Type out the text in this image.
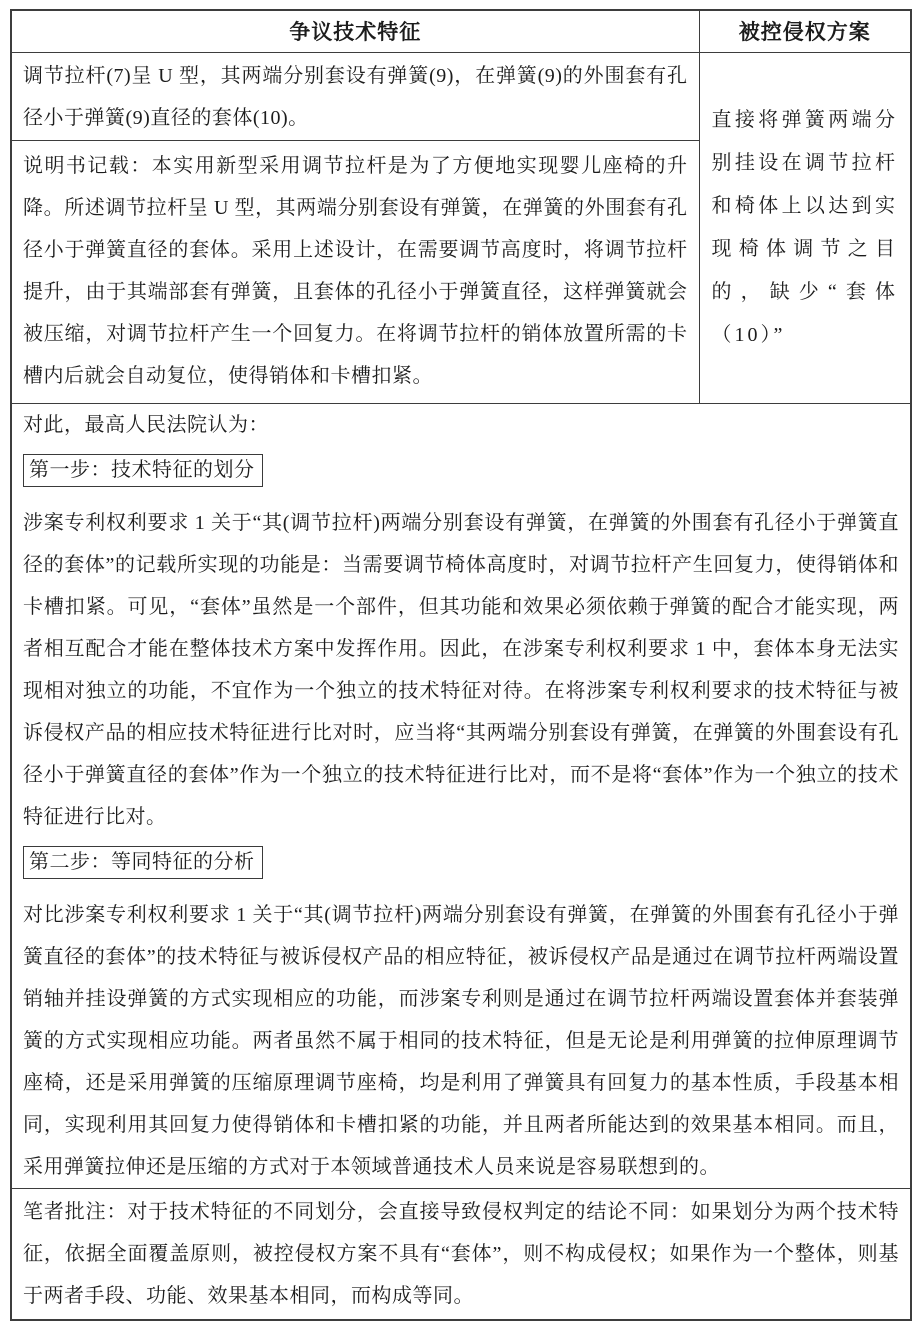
争议技术特征	被控侵权方案
调节拉杆(7)呈 U 型，其两端分别套设有弹簧(9)，在弹簧(9)的外围套有孔径小于弹簧(9)直径的套体(10)。	直接将弹簧两端分别挂设在调节拉杆和椅体上以达到实现椅体调节之目的，缺少“套体（10）”
说明书记载：本实用新型采用调节拉杆是为了方便地实现婴儿座椅的升降。所述调节拉杆呈 U 型，其两端分别套设有弹簧，在弹簧的外围套有孔径小于弹簧直径的套体。采用上述设计，在需要调节高度时，将调节拉杆提升，由于其端部套有弹簧，且套体的孔径小于弹簧直径，这样弹簧就会被压缩，对调节拉杆产生一个回复力。在将调节拉杆的销体放置所需的卡槽内后就会自动复位，使得销体和卡槽扣紧。	

对此，最高人民法院认为：

第一步：技术特征的划分

涉案专利权利要求 1 关于“其(调节拉杆)两端分别套设有弹簧，在弹簧的外围套有孔径小于弹簧直径的套体”的记载所实现的功能是：当需要调节椅体高度时，对调节拉杆产生回复力，使得销体和卡槽扣紧。可见，“套体”虽然是一个部件，但其功能和效果必须依赖于弹簧的配合才能实现，两者相互配合才能在整体技术方案中发挥作用。因此，在涉案专利权利要求 1 中，套体本身无法实现相对独立的功能，不宜作为一个独立的技术特征对待。在将涉案专利权利要求的技术特征与被诉侵权产品的相应技术特征进行比对时，应当将“其两端分别套设有弹簧，在弹簧的外围套设有孔径小于弹簧直径的套体”作为一个独立的技术特征进行比对，而不是将“套体”作为一个独立的技术特征进行比对。

第二步：等同特征的分析

对比涉案专利权利要求 1 关于“其(调节拉杆)两端分别套设有弹簧，在弹簧的外围套有孔径小于弹簧直径的套体”的技术特征与被诉侵权产品的相应特征，被诉侵权产品是通过在调节拉杆两端设置销轴并挂设弹簧的方式实现相应的功能，而涉案专利则是通过在调节拉杆两端设置套体并套装弹簧的方式实现相应功能。两者虽然不属于相同的技术特征，但是无论是利用弹簧的拉伸原理调节座椅，还是采用弹簧的压缩原理调节座椅，均是利用了弹簧具有回复力的基本性质，手段基本相同，实现利用其回复力使得销体和卡槽扣紧的功能，并且两者所能达到的效果基本相同。而且，采用弹簧拉伸还是压缩的方式对于本领域普通技术人员来说是容易联想到的。	

笔者批注：对于技术特征的不同划分，会直接导致侵权判定的结论不同：如果划分为两个技术特征，依据全面覆盖原则，被控侵权方案不具有“套体”，则不构成侵权；如果作为一个整体，则基于两者手段、功能、效果基本相同，而构成等同。	
